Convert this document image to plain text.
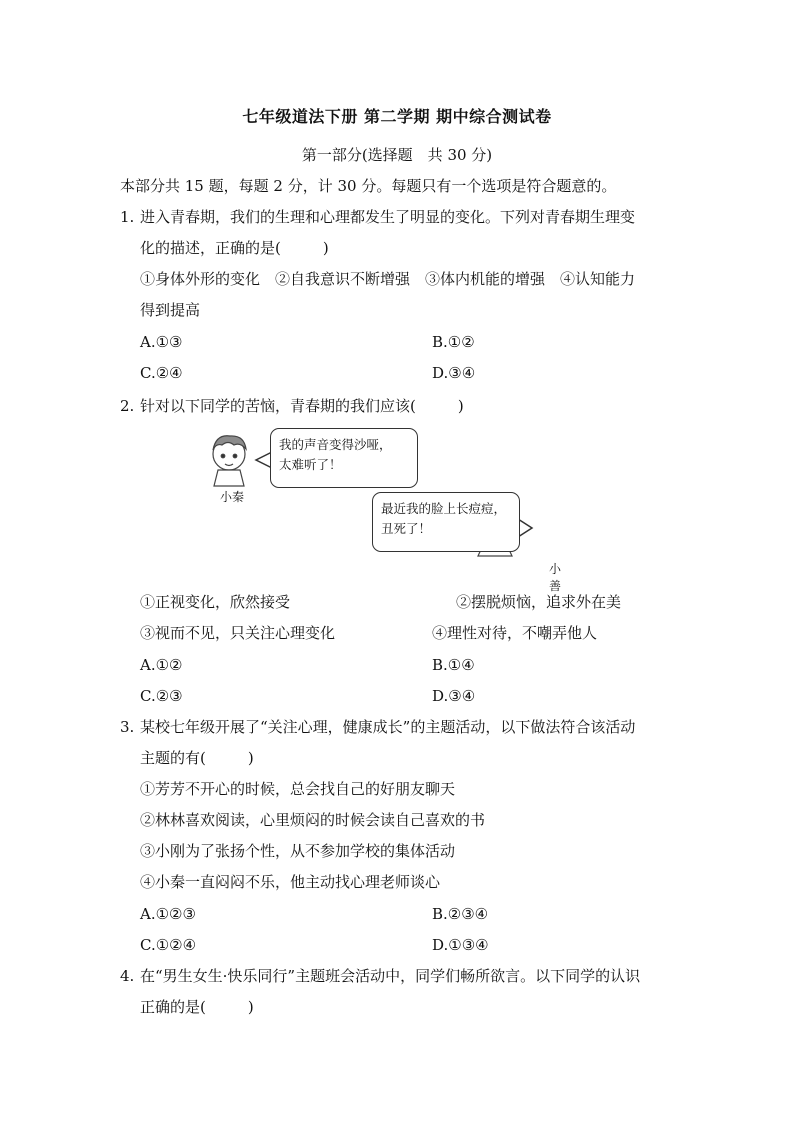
七年级道法下册 第二学期 期中综合测试卷
第一部分(选择题　共 30 分)
本部分共 15 题，每题 2 分，计 30 分。每题只有一个选项是符合题意的。
1. 进入青春期，我们的生理和心理都发生了明显的变化。下列对青春期生理变
化的描述，正确的是(	)
①身体外形的变化　②自我意识不断增强　③体内机能的增强　④认知能力
得到提高
A.①③	B.①②
C.②④	D.③④
2. 针对以下同学的苦恼，青春期的我们应该(	)
我的声音变得沙哑，
太难听了！
小秦
最近我的脸上长痘痘，
丑死了！
小善
①正视变化，欣然接受	②摆脱烦恼，追求外在美
③视而不见，只关注心理变化	④理性对待，不嘲弄他人
A.①②	B.①④
C.②③	D.③④
3. 某校七年级开展了“关注心理，健康成长”的主题活动，以下做法符合该活动
主题的有(	)
①芳芳不开心的时候，总会找自己的好朋友聊天
②林林喜欢阅读，心里烦闷的时候会读自己喜欢的书
③小刚为了张扬个性，从不参加学校的集体活动
④小秦一直闷闷不乐，他主动找心理老师谈心
A.①②③	B.②③④
C.①②④	D.①③④
4. 在“男生女生·快乐同行”主题班会活动中，同学们畅所欲言。以下同学的认识
正确的是(	)
